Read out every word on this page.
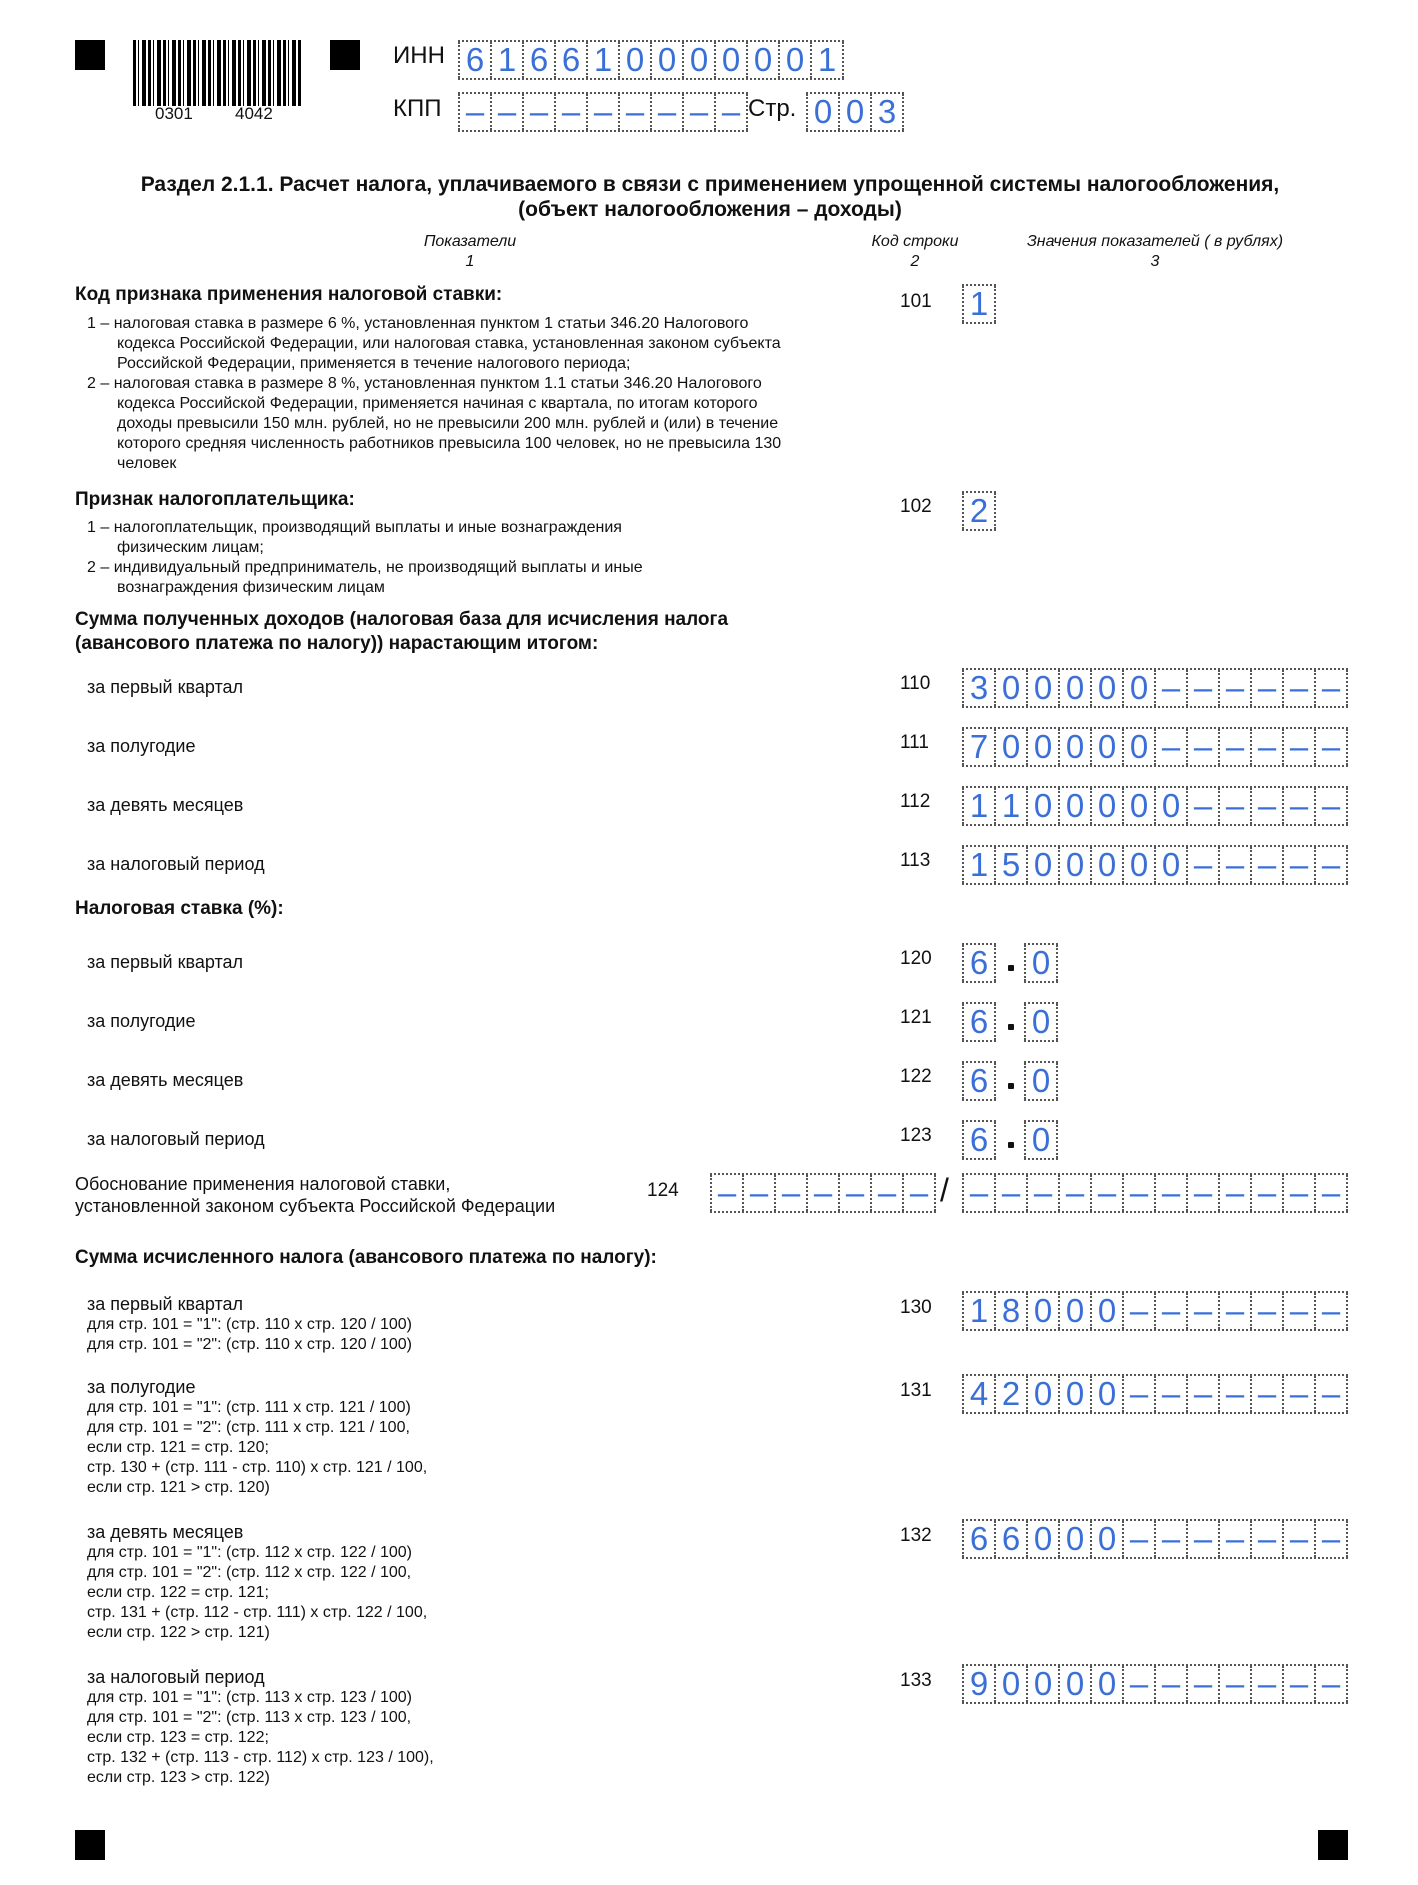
0301 4042
ИНН 6 1 6 6 1 0 0 0 0 0 0 1
КПП – – – – – – – – – Стр. 0 0 3
Раздел 2.1.1. Расчет налога, уплачиваемого в связи с применением упрощенной системы налогообложения,
(объект налогообложения – доходы)
Показатели
1
Код строки
2
Значения показателей ( в рублях)
3
Код признака применения налоговой ставки:
1 – налоговая ставка в размере 6 %, установленная пунктом 1 статьи 346.20 Налогового
кодекса Российской Федерации, или налоговая ставка, установленная законом субъекта
Российской Федерации, применяется в течение налогового периода;
2 – налоговая ставка в размере 8 %, установленная пунктом 1.1 статьи 346.20 Налогового
кодекса Российской Федерации, применяется начиная с квартала, по итогам которого
доходы превысили 150 млн. рублей, но не превысили 200 млн. рублей и (или) в течение
которого средняя численность работников превысила 100 человек, но не превысила 130
человек
101 1
Признак налогоплательщика:
1 – налогоплательщик, производящий выплаты и иные вознаграждения
физическим лицам;
2 – индивидуальный предприниматель, не производящий выплаты и иные
вознаграждения физическим лицам
102 2
Сумма полученных доходов (налоговая база для исчисления налога
(авансового платежа по налогу)) нарастающим итогом:
Налоговая ставка (%):
Обоснование применения налоговой ставки,
установленной законом субъекта Российской Федерации
124 – – – – – – – / – – – – – – – – – – – –
Сумма исчисленного налога (авансового платежа по налогу):
за первый квартал	110 3 0 0 0 0 0 – – – – – –
за полугодие	111 7 0 0 0 0 0 – – – – – –
за девять месяцев	112 1 1 0 0 0 0 0 – – – – –
за налоговый период	113 1 5 0 0 0 0 0 – – – – –
за первый квартал	120 6 0
за полугодие	121 6 0
за девять месяцев	122 6 0
за налоговый период	123 6 0
за первый квартал
для стр. 101 = "1": (стр. 110 x стр. 120 / 100)
для стр. 101 = "2": (стр. 110 x стр. 120 / 100)
130 1 8 0 0 0 – – – – – – –
за полугодие
для стр. 101 = "1": (стр. 111 x стр. 121 / 100)
для стр. 101 = "2": (стр. 111 x стр. 121 / 100,
если стр. 121 = стр. 120;
стр. 130 + (стр. 111 - стр. 110) x стр. 121 / 100,
если стр. 121 > стр. 120)
131 4 2 0 0 0 – – – – – – –
за девять месяцев
для стр. 101 = "1": (стр. 112 x стр. 122 / 100)
для стр. 101 = "2": (стр. 112 x стр. 122 / 100,
если стр. 122 = стр. 121;
стр. 131 + (стр. 112 - стр. 111) x стр. 122 / 100,
если стр. 122 > стр. 121)
132 6 6 0 0 0 – – – – – – –
за налоговый период
для стр. 101 = "1": (стр. 113 x стр. 123 / 100)
для стр. 101 = "2": (стр. 113 x стр. 123 / 100,
если стр. 123 = стр. 122;
стр. 132 + (стр. 113 - стр. 112) x стр. 123 / 100),
если стр. 123 > стр. 122)
133 9 0 0 0 0 – – – – – – –
